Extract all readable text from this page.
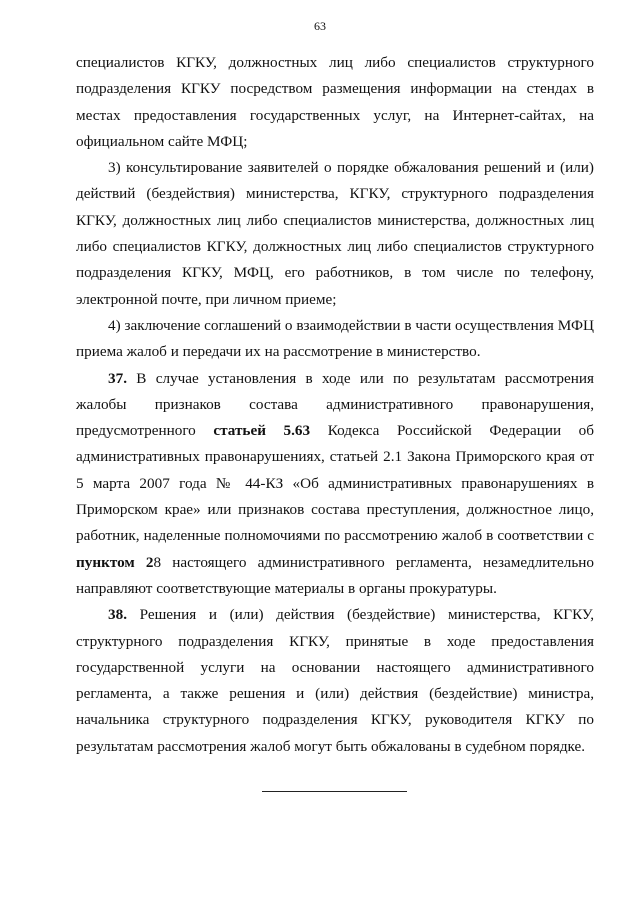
63

специалистов КГКУ, должностных лиц либо специалистов структурного подразделения КГКУ посредством размещения информации на стендах в местах предоставления государственных услуг, на Интернет-сайтах, на официальном сайте МФЦ;

3) консультирование заявителей о порядке обжалования решений и (или) действий (бездействия) министерства, КГКУ, структурного подразделения КГКУ, должностных лиц либо специалистов министерства, должностных лиц либо специалистов КГКУ, должностных лиц либо специалистов структурного подразделения КГКУ, МФЦ, его работников, в том числе по телефону, электронной почте, при личном приеме;

4) заключение соглашений о взаимодействии в части осуществления МФЦ приема жалоб и передачи их на рассмотрение в министерство.

37. В случае установления в ходе или по результатам рассмотрения жалобы признаков состава административного правонарушения, предусмотренного статьей 5.63 Кодекса Российской Федерации об административных правонарушениях, статьей 2.1 Закона Приморского края от 5 марта 2007 года № 44-КЗ «Об административных правонарушениях в Приморском крае» или признаков состава преступления, должностное лицо, работник, наделенные полномочиями по рассмотрению жалоб в соответствии с пунктом 28 настоящего административного регламента, незамедлительно направляют соответствующие материалы в органы прокуратуры.

38. Решения и (или) действия (бездействие) министерства, КГКУ, структурного подразделения КГКУ, принятые в ходе предоставления государственной услуги на основании настоящего административного регламента, а также решения и (или) действия (бездействие) министра, начальника структурного подразделения КГКУ, руководителя КГКУ по результатам рассмотрения жалоб могут быть обжалованы в судебном порядке.
